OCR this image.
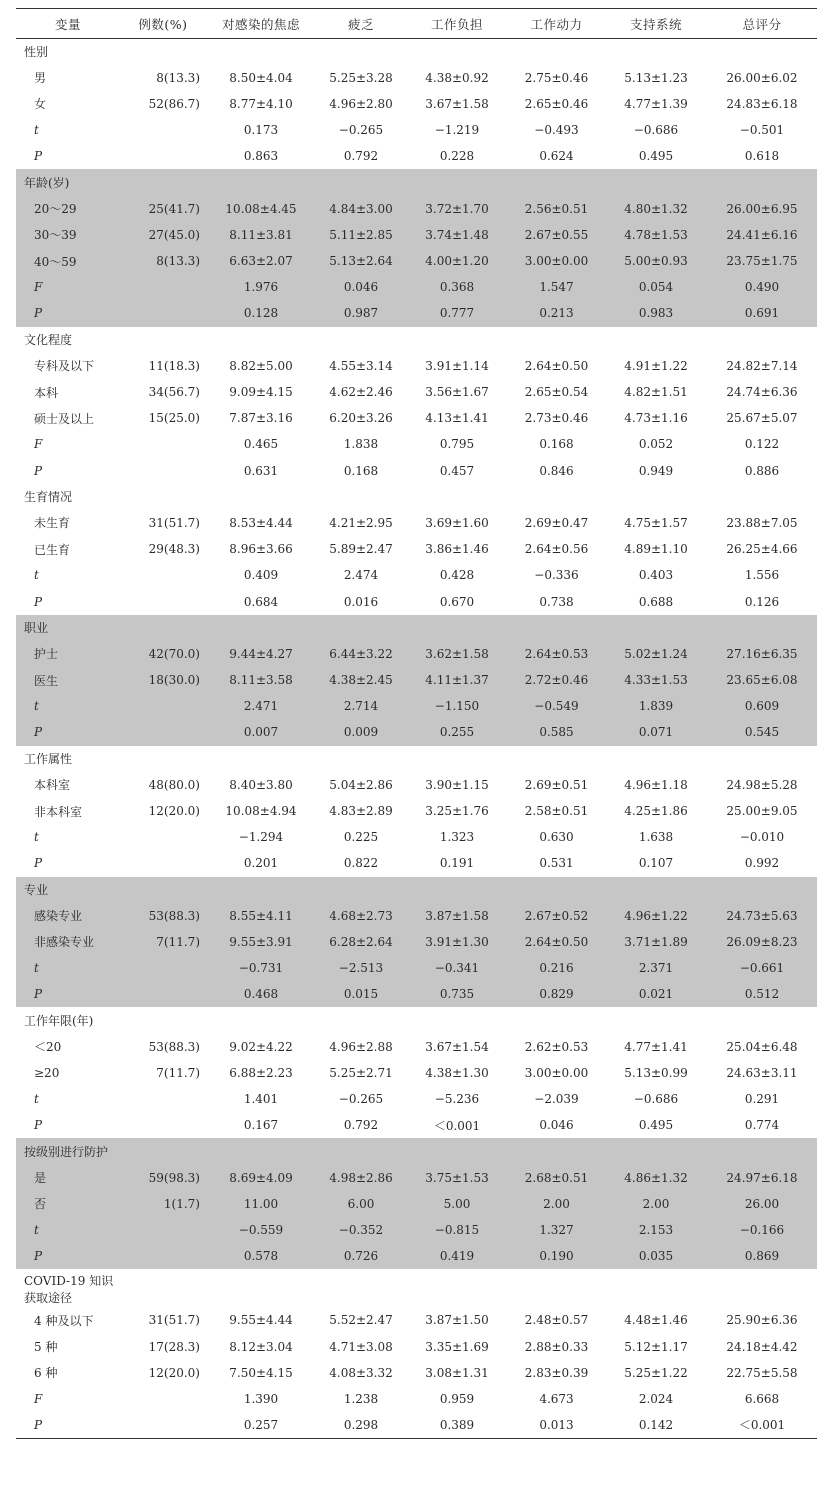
变量	例数(%)	对感染的焦虑	疲乏	工作负担	工作动力	支持系统	总评分
性别							
男	8(13.3)	8.50±4.04	5.25±3.28	4.38±0.92	2.75±0.46	5.13±1.23	26.00±6.02
女	52(86.7)	8.77±4.10	4.96±2.80	3.67±1.58	2.65±0.46	4.77±1.39	24.83±6.18
t		0.173	−0.265	−1.219	−0.493	−0.686	−0.501
P		0.863	0.792	0.228	0.624	0.495	0.618
年龄(岁)							
20～29	25(41.7)	10.08±4.45	4.84±3.00	3.72±1.70	2.56±0.51	4.80±1.32	26.00±6.95
30～39	27(45.0)	8.11±3.81	5.11±2.85	3.74±1.48	2.67±0.55	4.78±1.53	24.41±6.16
40～59	8(13.3)	6.63±2.07	5.13±2.64	4.00±1.20	3.00±0.00	5.00±0.93	23.75±1.75
F		1.976	0.046	0.368	1.547	0.054	0.490
P		0.128	0.987	0.777	0.213	0.983	0.691
文化程度							
专科及以下	11(18.3)	8.82±5.00	4.55±3.14	3.91±1.14	2.64±0.50	4.91±1.22	24.82±7.14
本科	34(56.7)	9.09±4.15	4.62±2.46	3.56±1.67	2.65±0.54	4.82±1.51	24.74±6.36
硕士及以上	15(25.0)	7.87±3.16	6.20±3.26	4.13±1.41	2.73±0.46	4.73±1.16	25.67±5.07
F		0.465	1.838	0.795	0.168	0.052	0.122
P		0.631	0.168	0.457	0.846	0.949	0.886
生育情况							
未生育	31(51.7)	8.53±4.44	4.21±2.95	3.69±1.60	2.69±0.47	4.75±1.57	23.88±7.05
已生育	29(48.3)	8.96±3.66	5.89±2.47	3.86±1.46	2.64±0.56	4.89±1.10	26.25±4.66
t		0.409	2.474	0.428	−0.336	0.403	1.556
P		0.684	0.016	0.670	0.738	0.688	0.126
职业							
护士	42(70.0)	9.44±4.27	6.44±3.22	3.62±1.58	2.64±0.53	5.02±1.24	27.16±6.35
医生	18(30.0)	8.11±3.58	4.38±2.45	4.11±1.37	2.72±0.46	4.33±1.53	23.65±6.08
t		2.471	2.714	−1.150	−0.549	1.839	0.609
P		0.007	0.009	0.255	0.585	0.071	0.545
工作属性							
本科室	48(80.0)	8.40±3.80	5.04±2.86	3.90±1.15	2.69±0.51	4.96±1.18	24.98±5.28
非本科室	12(20.0)	10.08±4.94	4.83±2.89	3.25±1.76	2.58±0.51	4.25±1.86	25.00±9.05
t		−1.294	0.225	1.323	0.630	1.638	−0.010
P		0.201	0.822	0.191	0.531	0.107	0.992
专业							
感染专业	53(88.3)	8.55±4.11	4.68±2.73	3.87±1.58	2.67±0.52	4.96±1.22	24.73±5.63
非感染专业	7(11.7)	9.55±3.91	6.28±2.64	3.91±1.30	2.64±0.50	3.71±1.89	26.09±8.23
t		−0.731	−2.513	−0.341	0.216	2.371	−0.661
P		0.468	0.015	0.735	0.829	0.021	0.512
工作年限(年)							
＜20	53(88.3)	9.02±4.22	4.96±2.88	3.67±1.54	2.62±0.53	4.77±1.41	25.04±6.48
≥20	7(11.7)	6.88±2.23	5.25±2.71	4.38±1.30	3.00±0.00	5.13±0.99	24.63±3.11
t		1.401	−0.265	−5.236	−2.039	−0.686	0.291
P		0.167	0.792	＜0.001	0.046	0.495	0.774
按级别进行防护							
是	59(98.3)	8.69±4.09	4.98±2.86	3.75±1.53	2.68±0.51	4.86±1.32	24.97±6.18
否	1(1.7)	11.00	6.00	5.00	2.00	2.00	26.00
t		−0.559	−0.352	−0.815	1.327	2.153	−0.166
P		0.578	0.726	0.419	0.190	0.035	0.869
COVID-19 知识获取途径							
4 种及以下	31(51.7)	9.55±4.44	5.52±2.47	3.87±1.50	2.48±0.57	4.48±1.46	25.90±6.36
5 种	17(28.3)	8.12±3.04	4.71±3.08	3.35±1.69	2.88±0.33	5.12±1.17	24.18±4.42
6 种	12(20.0)	7.50±4.15	4.08±3.32	3.08±1.31	2.83±0.39	5.25±1.22	22.75±5.58
F		1.390	1.238	0.959	4.673	2.024	6.668
P		0.257	0.298	0.389	0.013	0.142	＜0.001
